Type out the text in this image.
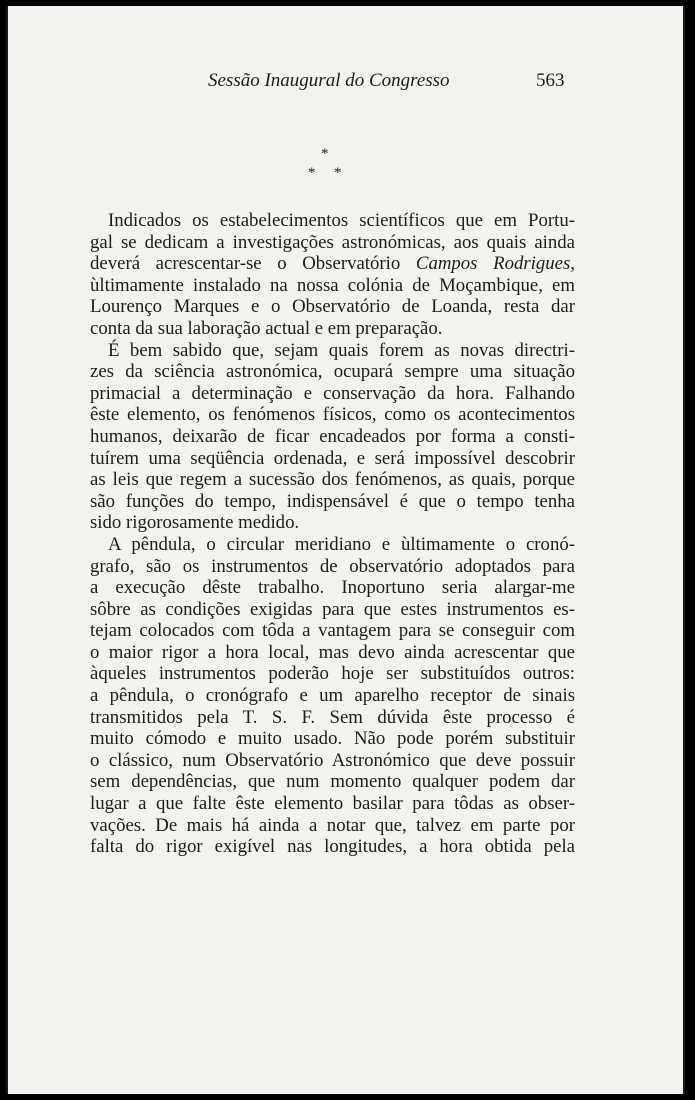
Sessão Inaugural do Congresso	563
*
* *
Indicados os estabelecimentos scientíficos que em Portu-
gal se dedicam a investigações astronómicas, aos quais ainda
deverá acrescentar-se o Observatório Campos Rodrigues,
ùltimamente instalado na nossa colónia de Moçambique, em
Lourenço Marques e o Observatório de Loanda, resta dar
conta da sua laboração actual e em preparação.
É bem sabido que, sejam quais forem as novas directri-
zes da sciência astronómica, ocupará sempre uma situação
primacial a determinação e conservação da hora. Falhando
êste elemento, os fenómenos físicos, como os acontecimentos
humanos, deixarão de ficar encadeados por forma a consti-
tuírem uma seqüência ordenada, e será impossível descobrir
as leis que regem a sucessão dos fenómenos, as quais, porque
são funções do tempo, indispensável é que o tempo tenha
sido rigorosamente medido.
A pêndula, o circular meridiano e ùltimamente o cronó-
grafo, são os instrumentos de observatório adoptados para
a execução dêste trabalho. Inoportuno seria alargar-me
sôbre as condições exigidas para que estes instrumentos es-
tejam colocados com tôda a vantagem para se conseguir com
o maior rigor a hora local, mas devo ainda acrescentar que
àqueles instrumentos poderão hoje ser substituídos outros:
a pêndula, o cronógrafo e um aparelho receptor de sinais
transmitidos pela T. S. F. Sem dúvida êste processo é
muito cómodo e muito usado. Não pode porém substituir
o clássico, num Observatório Astronómico que deve possuir
sem dependências, que num momento qualquer podem dar
lugar a que falte êste elemento basilar para tôdas as obser-
vações. De mais há ainda a notar que, talvez em parte por
falta do rigor exigível nas longitudes, a hora obtida pela
